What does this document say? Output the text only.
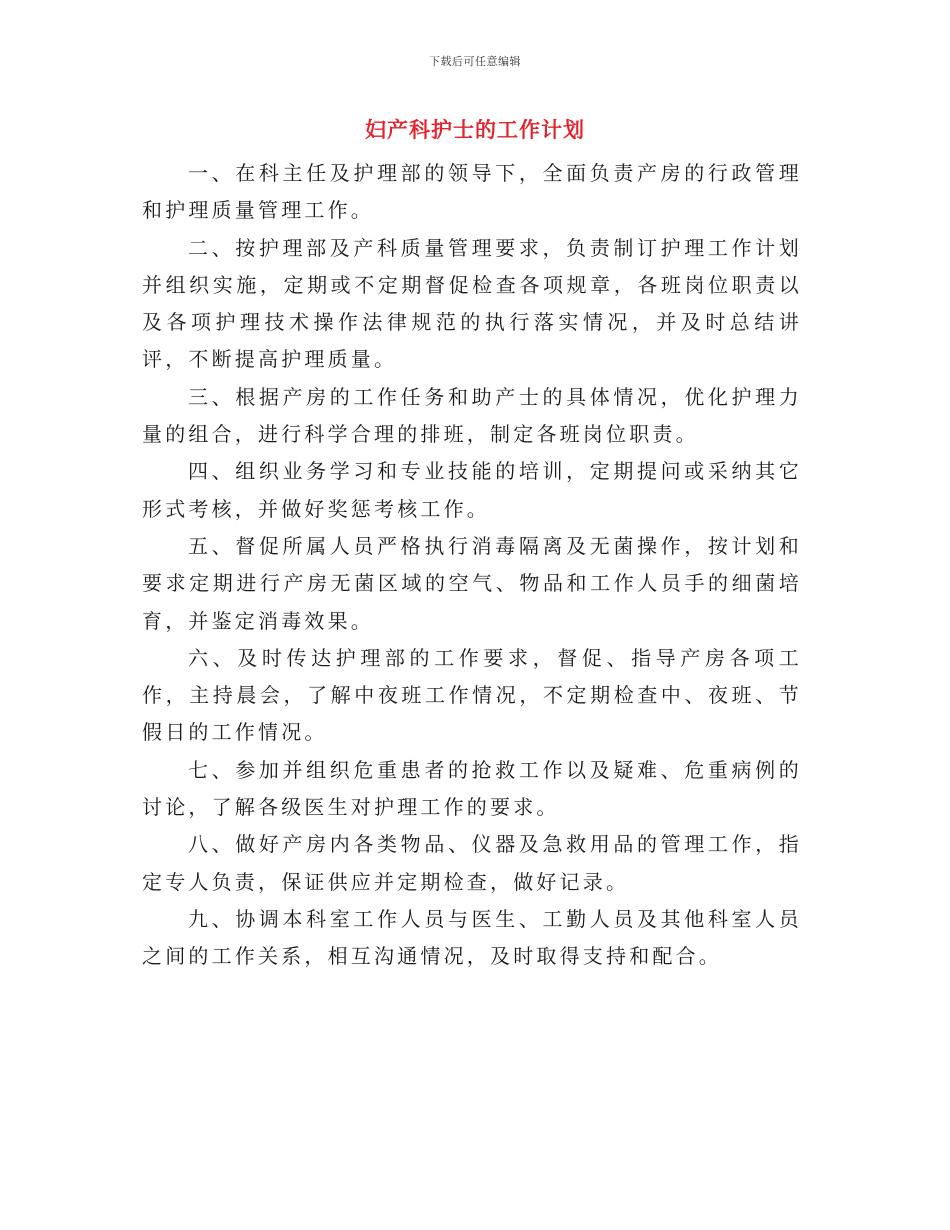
下载后可任意编辑
妇产科护士的工作计划

一、在科主任及护理部的领导下，全面负责产房的行政管理和护理质量管理工作。

二、按护理部及产科质量管理要求，负责制订护理工作计划并组织实施，定期或不定期督促检查各项规章，各班岗位职责以及各项护理技术操作法律规范的执行落实情况，并及时总结讲评，不断提高护理质量。

三、根据产房的工作任务和助产士的具体情况，优化护理力量的组合，进行科学合理的排班，制定各班岗位职责。

四、组织业务学习和专业技能的培训，定期提问或采纳其它形式考核，并做好奖惩考核工作。

五、督促所属人员严格执行消毒隔离及无菌操作，按计划和要求定期进行产房无菌区域的空气、物品和工作人员手的细菌培育，并鉴定消毒效果。

六、及时传达护理部的工作要求，督促、指导产房各项工作，主持晨会，了解中夜班工作情况，不定期检查中、夜班、节假日的工作情况。

七、参加并组织危重患者的抢救工作以及疑难、危重病例的讨论，了解各级医生对护理工作的要求。

八、做好产房内各类物品、仪器及急救用品的管理工作，指定专人负责，保证供应并定期检查，做好记录。

九、协调本科室工作人员与医生、工勤人员及其他科室人员之间的工作关系，相互沟通情况，及时取得支持和配合。
